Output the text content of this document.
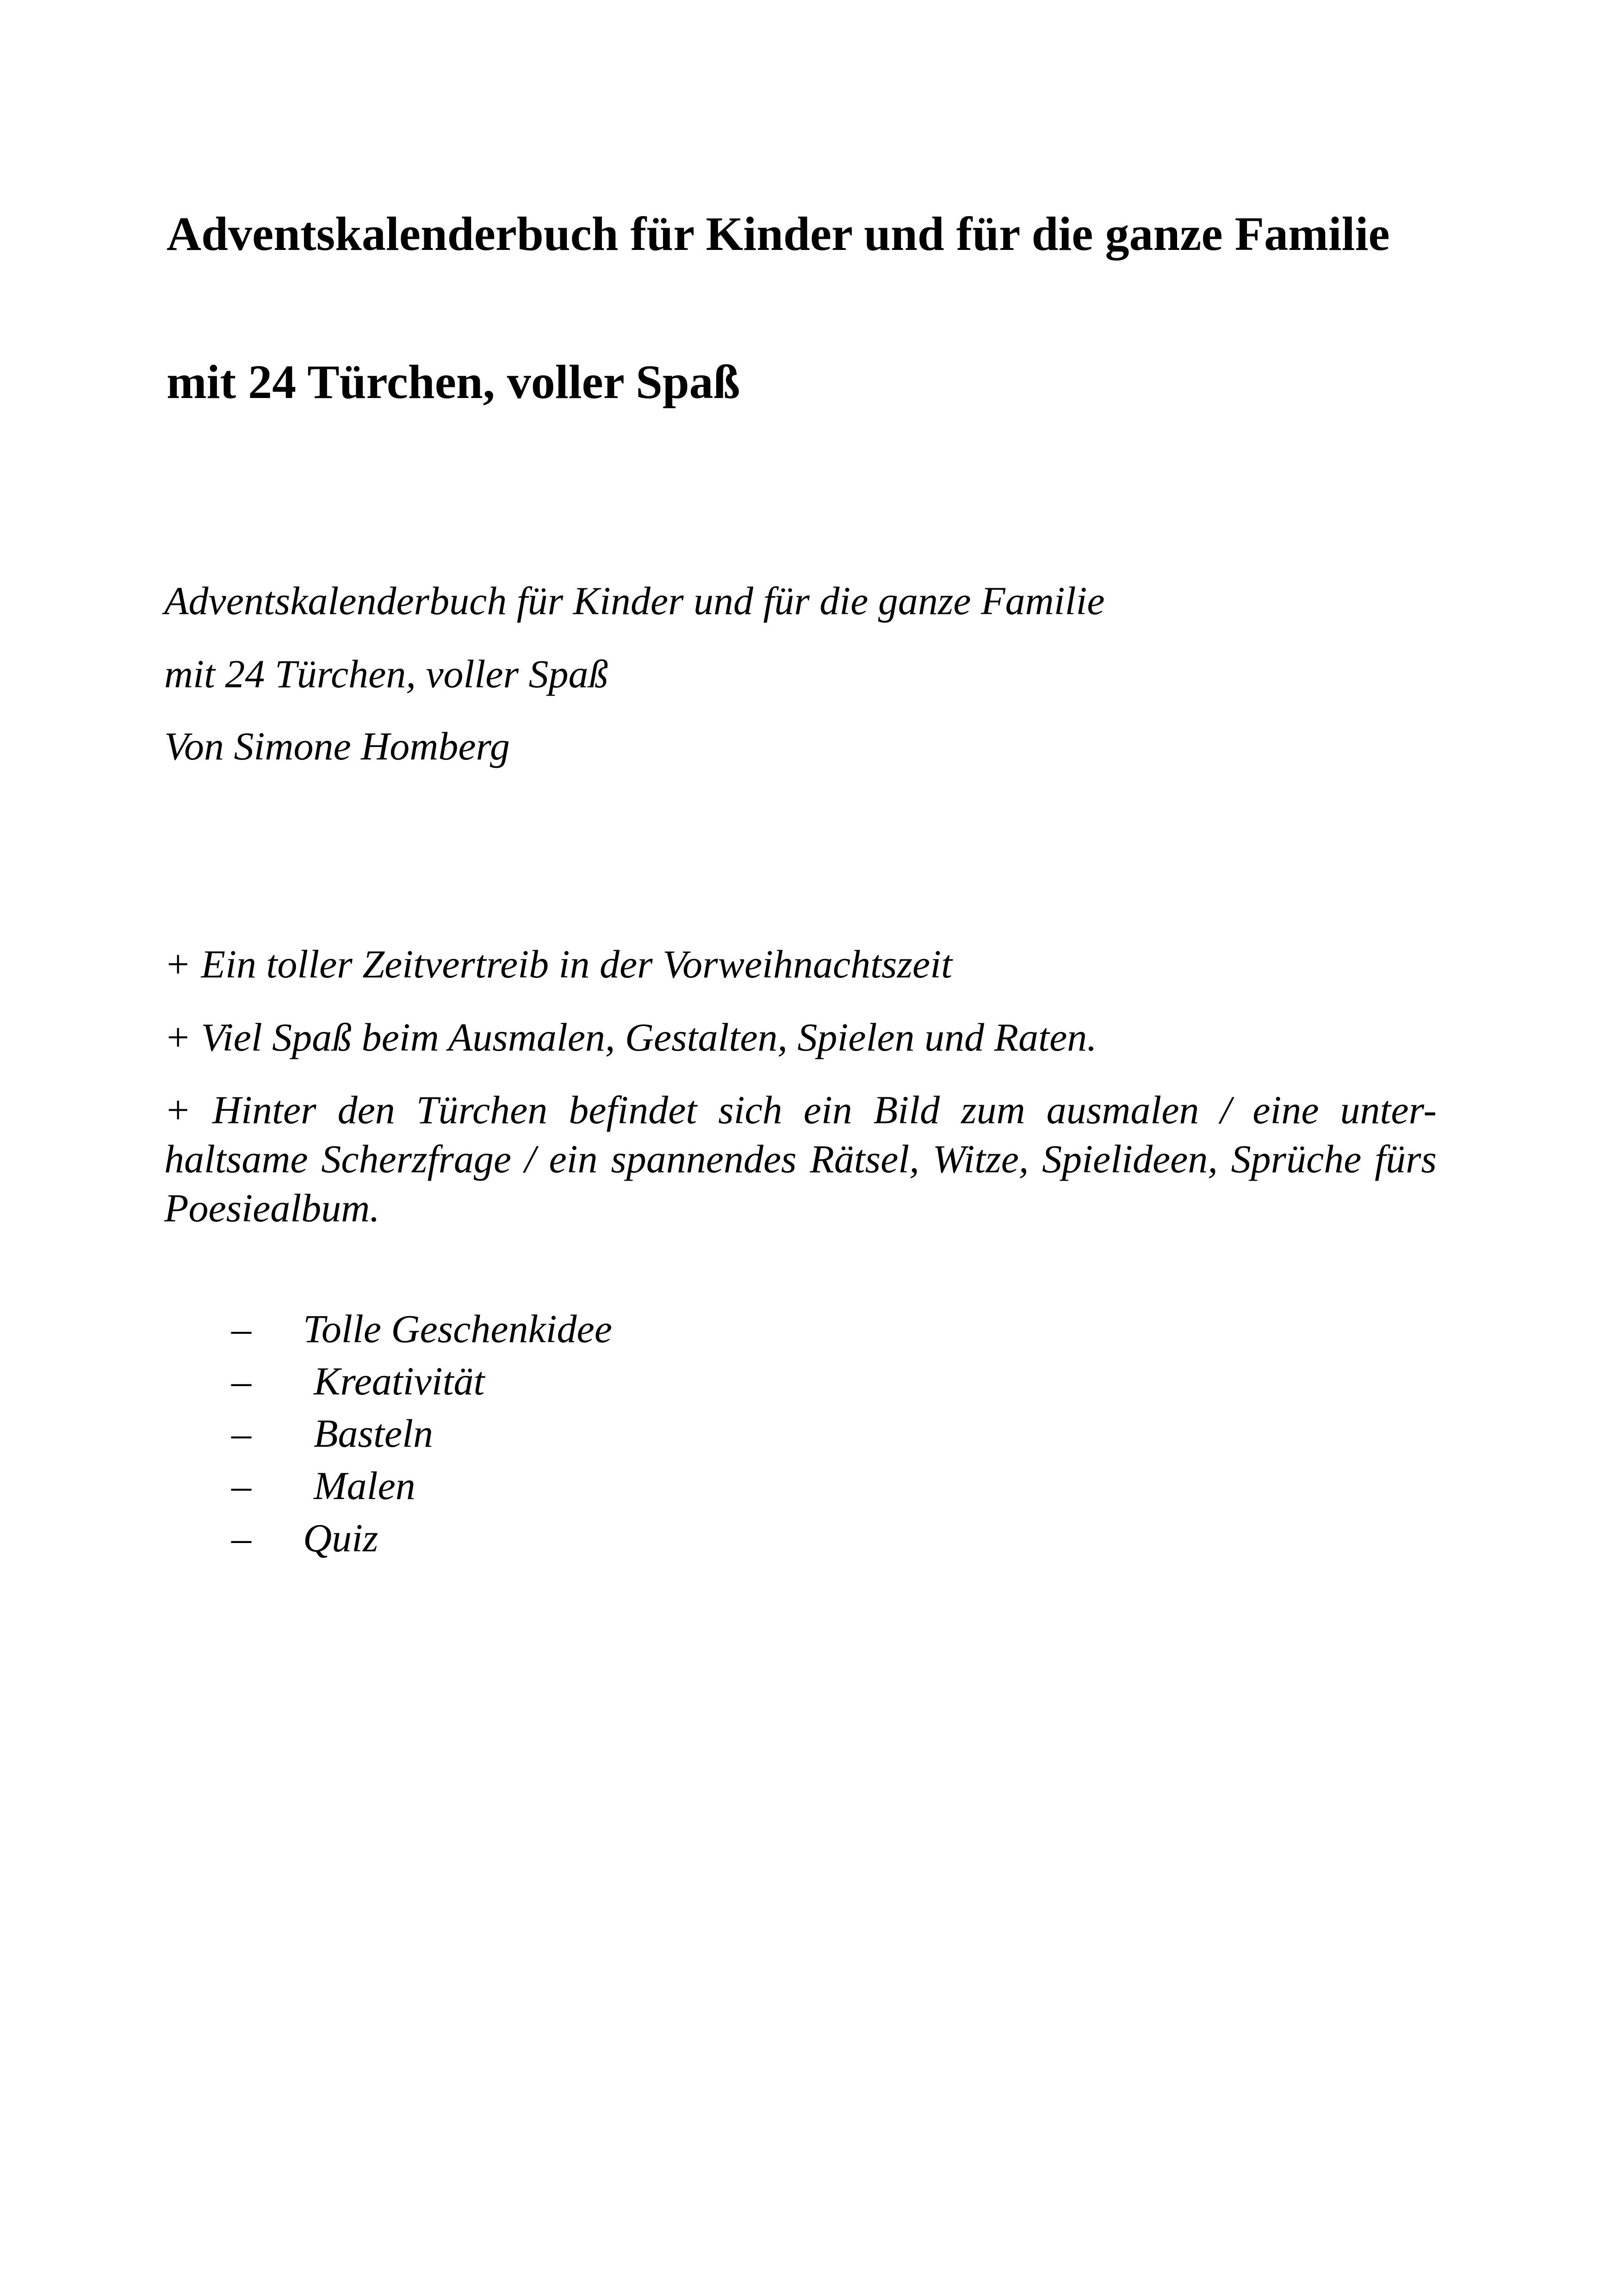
Adventskalenderbuch für Kinder und für die ganze Familie
mit 24 Türchen, voller Spaß

Adventskalenderbuch für Kinder und für die ganze Familie

mit 24 Türchen, voller Spaß

Von Simone Homberg

+ Ein toller Zeitvertreib in der Vorweihnachtszeit

+ Viel Spaß beim Ausmalen, Gestalten, Spielen und Raten.

+ Hinter den Türchen befindet sich ein Bild zum ausmalen / eine unter-haltsame Scherzfrage / ein spannendes Rätsel, Witze, Spielideen, Sprüche fürs Poesiealbum.

– Tolle Geschenkidee
– Kreativität
– Basteln
– Malen
– Quiz
